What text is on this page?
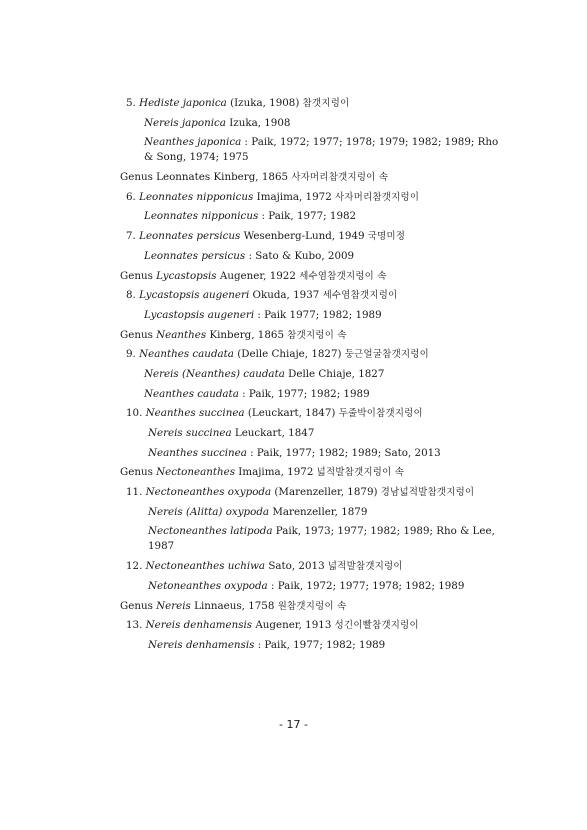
5. Hediste japonica (Izuka, 1908) 참갯지렁이
Nereis japonica Izuka, 1908
Neanthes japonica : Paik, 1972; 1977; 1978; 1979; 1982; 1989; Rho
& Song, 1974; 1975
Genus Leonnates Kinberg, 1865 사자머리참갯지렁이 속
6. Leonnates nipponicus Imajima, 1972 사자머리참갯지렁이
Leonnates nipponicus : Paik, 1977; 1982
7. Leonnates persicus Wesenberg-Lund, 1949 국명미정
Leonnates persicus : Sato & Kubo, 2009
Genus Lycastopsis Augener, 1922 세수염참갯지렁이 속
8. Lycastopsis augeneri Okuda, 1937 세수염참갯지렁이
Lycastopsis augeneri : Paik 1977; 1982; 1989
Genus Neanthes Kinberg, 1865 참갯지렁이 속
9. Neanthes caudata (Delle Chiaje, 1827) 둥근얼굴참갯지렁이
Nereis (Neanthes) caudata Delle Chiaje, 1827
Neanthes caudata : Paik, 1977; 1982; 1989
10. Neanthes succinea (Leuckart, 1847) 두줄박이참갯지렁이
Nereis succinea Leuckart, 1847
Neanthes succinea : Paik, 1977; 1982; 1989; Sato, 2013
Genus Nectoneanthes Imajima, 1972 넓적발참갯지렁이 속
11. Nectoneanthes oxypoda (Marenzeller, 1879) 경남넓적발참갯지렁이
Nereis (Alitta) oxypoda Marenzeller, 1879
Nectoneanthes latipoda Paik, 1973; 1977; 1982; 1989; Rho & Lee,
1987
12. Nectoneanthes uchiwa Sato, 2013 넓적발참갯지렁이
Netoneanthes oxypoda : Paik, 1972; 1977; 1978; 1982; 1989
Genus Nereis Linnaeus, 1758 원참갯지렁이 속
13. Nereis denhamensis Augener, 1913 성긴이빨참갯지렁이
Nereis denhamensis : Paik, 1977; 1982; 1989
- 17 -
